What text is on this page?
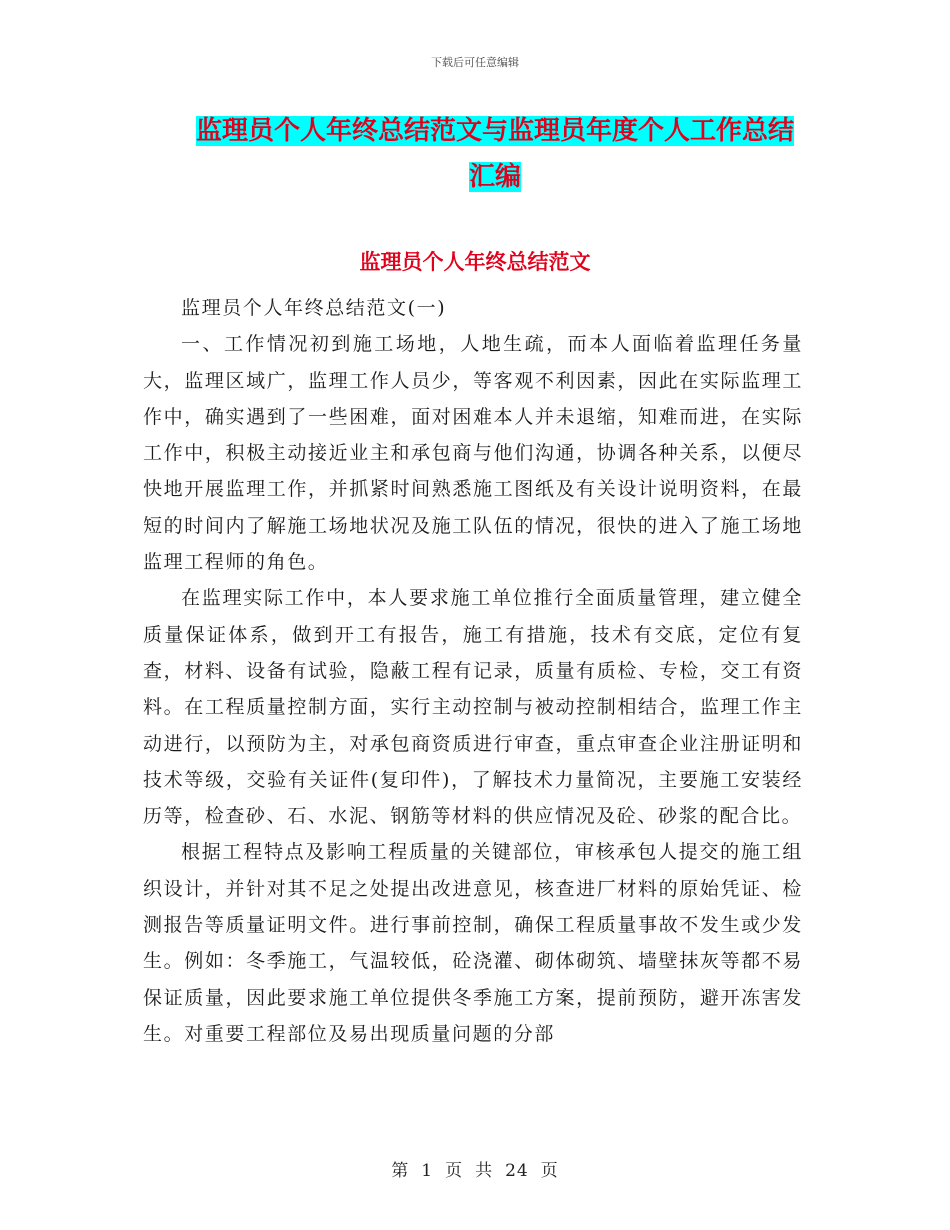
下载后可任意编辑
监理员个人年终总结范文与监理员年度个人工作总结
汇编
监理员个人年终总结范文

监理员个人年终总结范文(一)

一、工作情况初到施工场地，人地生疏，而本人面临着监理任务量大，监理区域广，监理工作人员少，等客观不利因素，因此在实际监理工作中，确实遇到了一些困难，面对困难本人并未退缩，知难而进，在实际工作中，积极主动接近业主和承包商与他们沟通，协调各种关系，以便尽快地开展监理工作，并抓紧时间熟悉施工图纸及有关设计说明资料，在最短的时间内了解施工场地状况及施工队伍的情况，很快的进入了施工场地监理工程师的角色。

在监理实际工作中，本人要求施工单位推行全面质量管理，建立健全质量保证体系，做到开工有报告，施工有措施，技术有交底，定位有复查，材料、设备有试验，隐蔽工程有记录，质量有质检、专检，交工有资料。在工程质量控制方面，实行主动控制与被动控制相结合，监理工作主动进行，以预防为主，对承包商资质进行审查，重点审查企业注册证明和技术等级，交验有关证件(复印件)，了解技术力量简况，主要施工安装经历等，检查砂、石、水泥、钢筋等材料的供应情况及砼、砂浆的配合比。

根据工程特点及影响工程质量的关键部位，审核承包人提交的施工组织设计，并针对其不足之处提出改进意见，核查进厂材料的原始凭证、检测报告等质量证明文件。进行事前控制，确保工程质量事故不发生或少发生。例如：冬季施工，气温较低，砼浇灌、砌体砌筑、墙壁抹灰等都不易保证质量，因此要求施工单位提供冬季施工方案，提前预防，避开冻害发生。对重要工程部位及易出现质量问题的分部

第 1 页 共 24 页
